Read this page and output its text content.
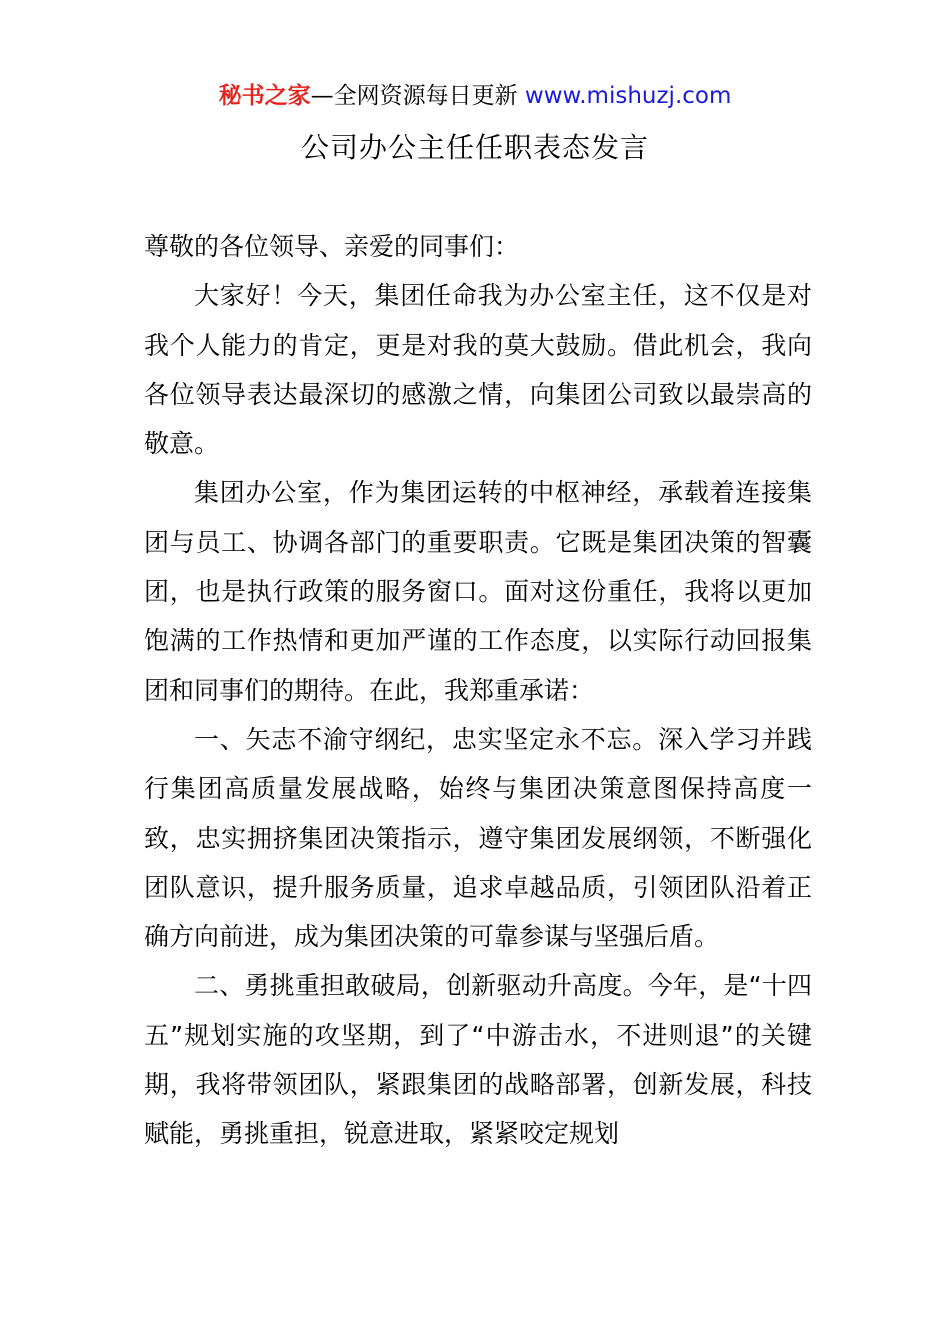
秘书之家—全网资源每日更新 www.mishuzj.com
公司办公主任任职表态发言

尊敬的各位领导、亲爱的同事们：

大家好！今天，集团任命我为办公室主任，这不仅是对我个人能力的肯定，更是对我的莫大鼓励。借此机会，我向各位领导表达最深切的感激之情，向集团公司致以最崇高的敬意。

集团办公室，作为集团运转的中枢神经，承载着连接集团与员工、协调各部门的重要职责。它既是集团决策的智囊团，也是执行政策的服务窗口。面对这份重任，我将以更加饱满的工作热情和更加严谨的工作态度，以实际行动回报集团和同事们的期待。在此，我郑重承诺：

一、矢志不渝守纲纪，忠实坚定永不忘。深入学习并践行集团高质量发展战略，始终与集团决策意图保持高度一致，忠实拥挤集团决策指示，遵守集团发展纲领，不断强化团队意识，提升服务质量，追求卓越品质，引领团队沿着正确方向前进，成为集团决策的可靠参谋与坚强后盾。

二、勇挑重担敢破局，创新驱动升高度。今年，是“十四五”规划实施的攻坚期，到了“中游击水，不进则退”的关键期，我将带领团队，紧跟集团的战略部署，创新发展，科技赋能，勇挑重担，锐意进取，紧紧咬定规划
